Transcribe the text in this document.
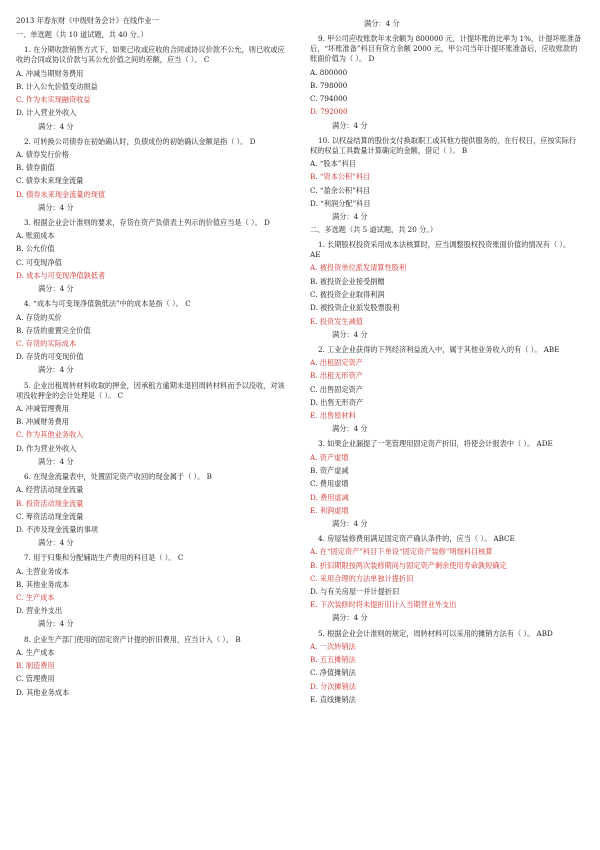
2013 年春东财《中级财务会计》在线作业一
一、单选题（共 10 道试题，共 40 分。）
1. 在分期收款销售方式下，如果已收或应收的合同或协议价款不公允，则已收或应收的合同或协议价款与其公允价值之间的差额，应当（ ）。 C
A. 冲减当期财务费用
B. 计入公允价值变动损益
C. 作为未实现融资收益
D. 计入营业外收入
满分：4 分
2. 可转换公司债券在初始确认时，负债成份的初始确认金额是指（ ）。 D
A. 债券发行价格
B. 债券面值
C. 债券未来现金流量
D. 债券未来现金流量的现值
满分：4 分
3. 根据企业会计准则的要求，存货在资产负债表上列示的价值应当是（ ）。 D
A. 账面成本
B. 公允价值
C. 可变现净值
D. 成本与可变现净值孰低者
满分：4 分
4. “成本与可变现净值孰低法”中的成本是指（ ）。 C
A. 存货的买价
B. 存货的重置完全价值
C. 存货的实际成本
D. 存货的可变现价值
满分：4 分
5. 企业出租周转材料收取的押金，因承租方逾期未退回周转材料而予以没收，对该项没收押金的会计处理是（ ）。 C
A. 冲减管理费用
B. 冲减财务费用
C. 作为其他业务收入
D. 作为营业外收入
满分：4 分
6. 在现金流量表中，处置固定资产收回的现金属于（ ）。 B
A. 经营活动现金流量
B. 投资活动现金流量
C. 筹资活动现金流量
D. 不涉及现金流量的事项
满分：4 分
7. 用于归集和分配辅助生产费用的科目是（ ）。 C
A. 主营业务成本
B. 其他业务成本
C. 生产成本
D. 营业外支出
满分：4 分
8. 企业生产部门使用的固定资产计提的折旧费用，应当计入（ ）。 B
A. 生产成本
B. 制造费用
C. 管理费用
D. 其他业务成本
满分：4 分
9. 甲公司应收账款年末余额为 800000 元，计提坏账的比率为 1%，计提坏账准备后，“坏账准备”科目有贷方余额 2000 元，甲公司当年计提坏账准备后，应收账款的账面价值为（ ）。 D
A. 800000
B. 798000
C. 794000
D. 792000
满分：4 分
10. 以权益结算的股份支付换取职工或其他方提供服务的，在行权日，应按实际行权的权益工具数量计算确定的金额，借记（ ）。 B
A. “股本”科目
B. “资本公积”科目
C. “盈余公积”科目
D. “利润分配”科目
满分：4 分
二、多选题（共 5 道试题，共 20 分。）
1. 长期股权投资采用成本法核算时，应当调整股权投资账面价值的情况有（ ）。 AE
A. 被投资单位派发清算性股利
B. 被投资企业接受捐赠
C. 被投资企业取得利润
D. 被投资企业派发股票股利
E. 投资发生减值
满分：4 分
2. 工业企业获得的下列经济利益流入中，属于其他业务收入的有（ ）。 ABE
A. 出租固定资产
B. 出租无形资产
C. 出售固定资产
D. 出售无形资产
E. 出售原材料
满分：4 分
3. 如果企业漏提了一笔管理用固定资产折旧，将使会计报表中（ ）。 ADE
A. 资产虚增
B. 资产虚减
C. 费用虚增
D. 费用虚减
E. 利润虚增
满分：4 分
4. 房屋装修费用满足固定资产确认条件的，应当（ ）。 ABCE
A. 在“固定资产”科目下单设“固定资产装修”明细科目核算
B. 折旧期限按两次装修期间与固定资产剩余使用寿命孰短确定
C. 采用合理的方法单独计提折旧
D. 与有关房屋一并计提折旧
E. 下次装修时将未提折旧计入当期营业外支出
满分：4 分
5. 根据企业会计准则的规定，周转材料可以采用的摊销方法有（ ）。 ABD
A. 一次转销法
B. 五五摊销法
C. 净值摊销法
D. 分次摊销法
E. 直线摊销法
